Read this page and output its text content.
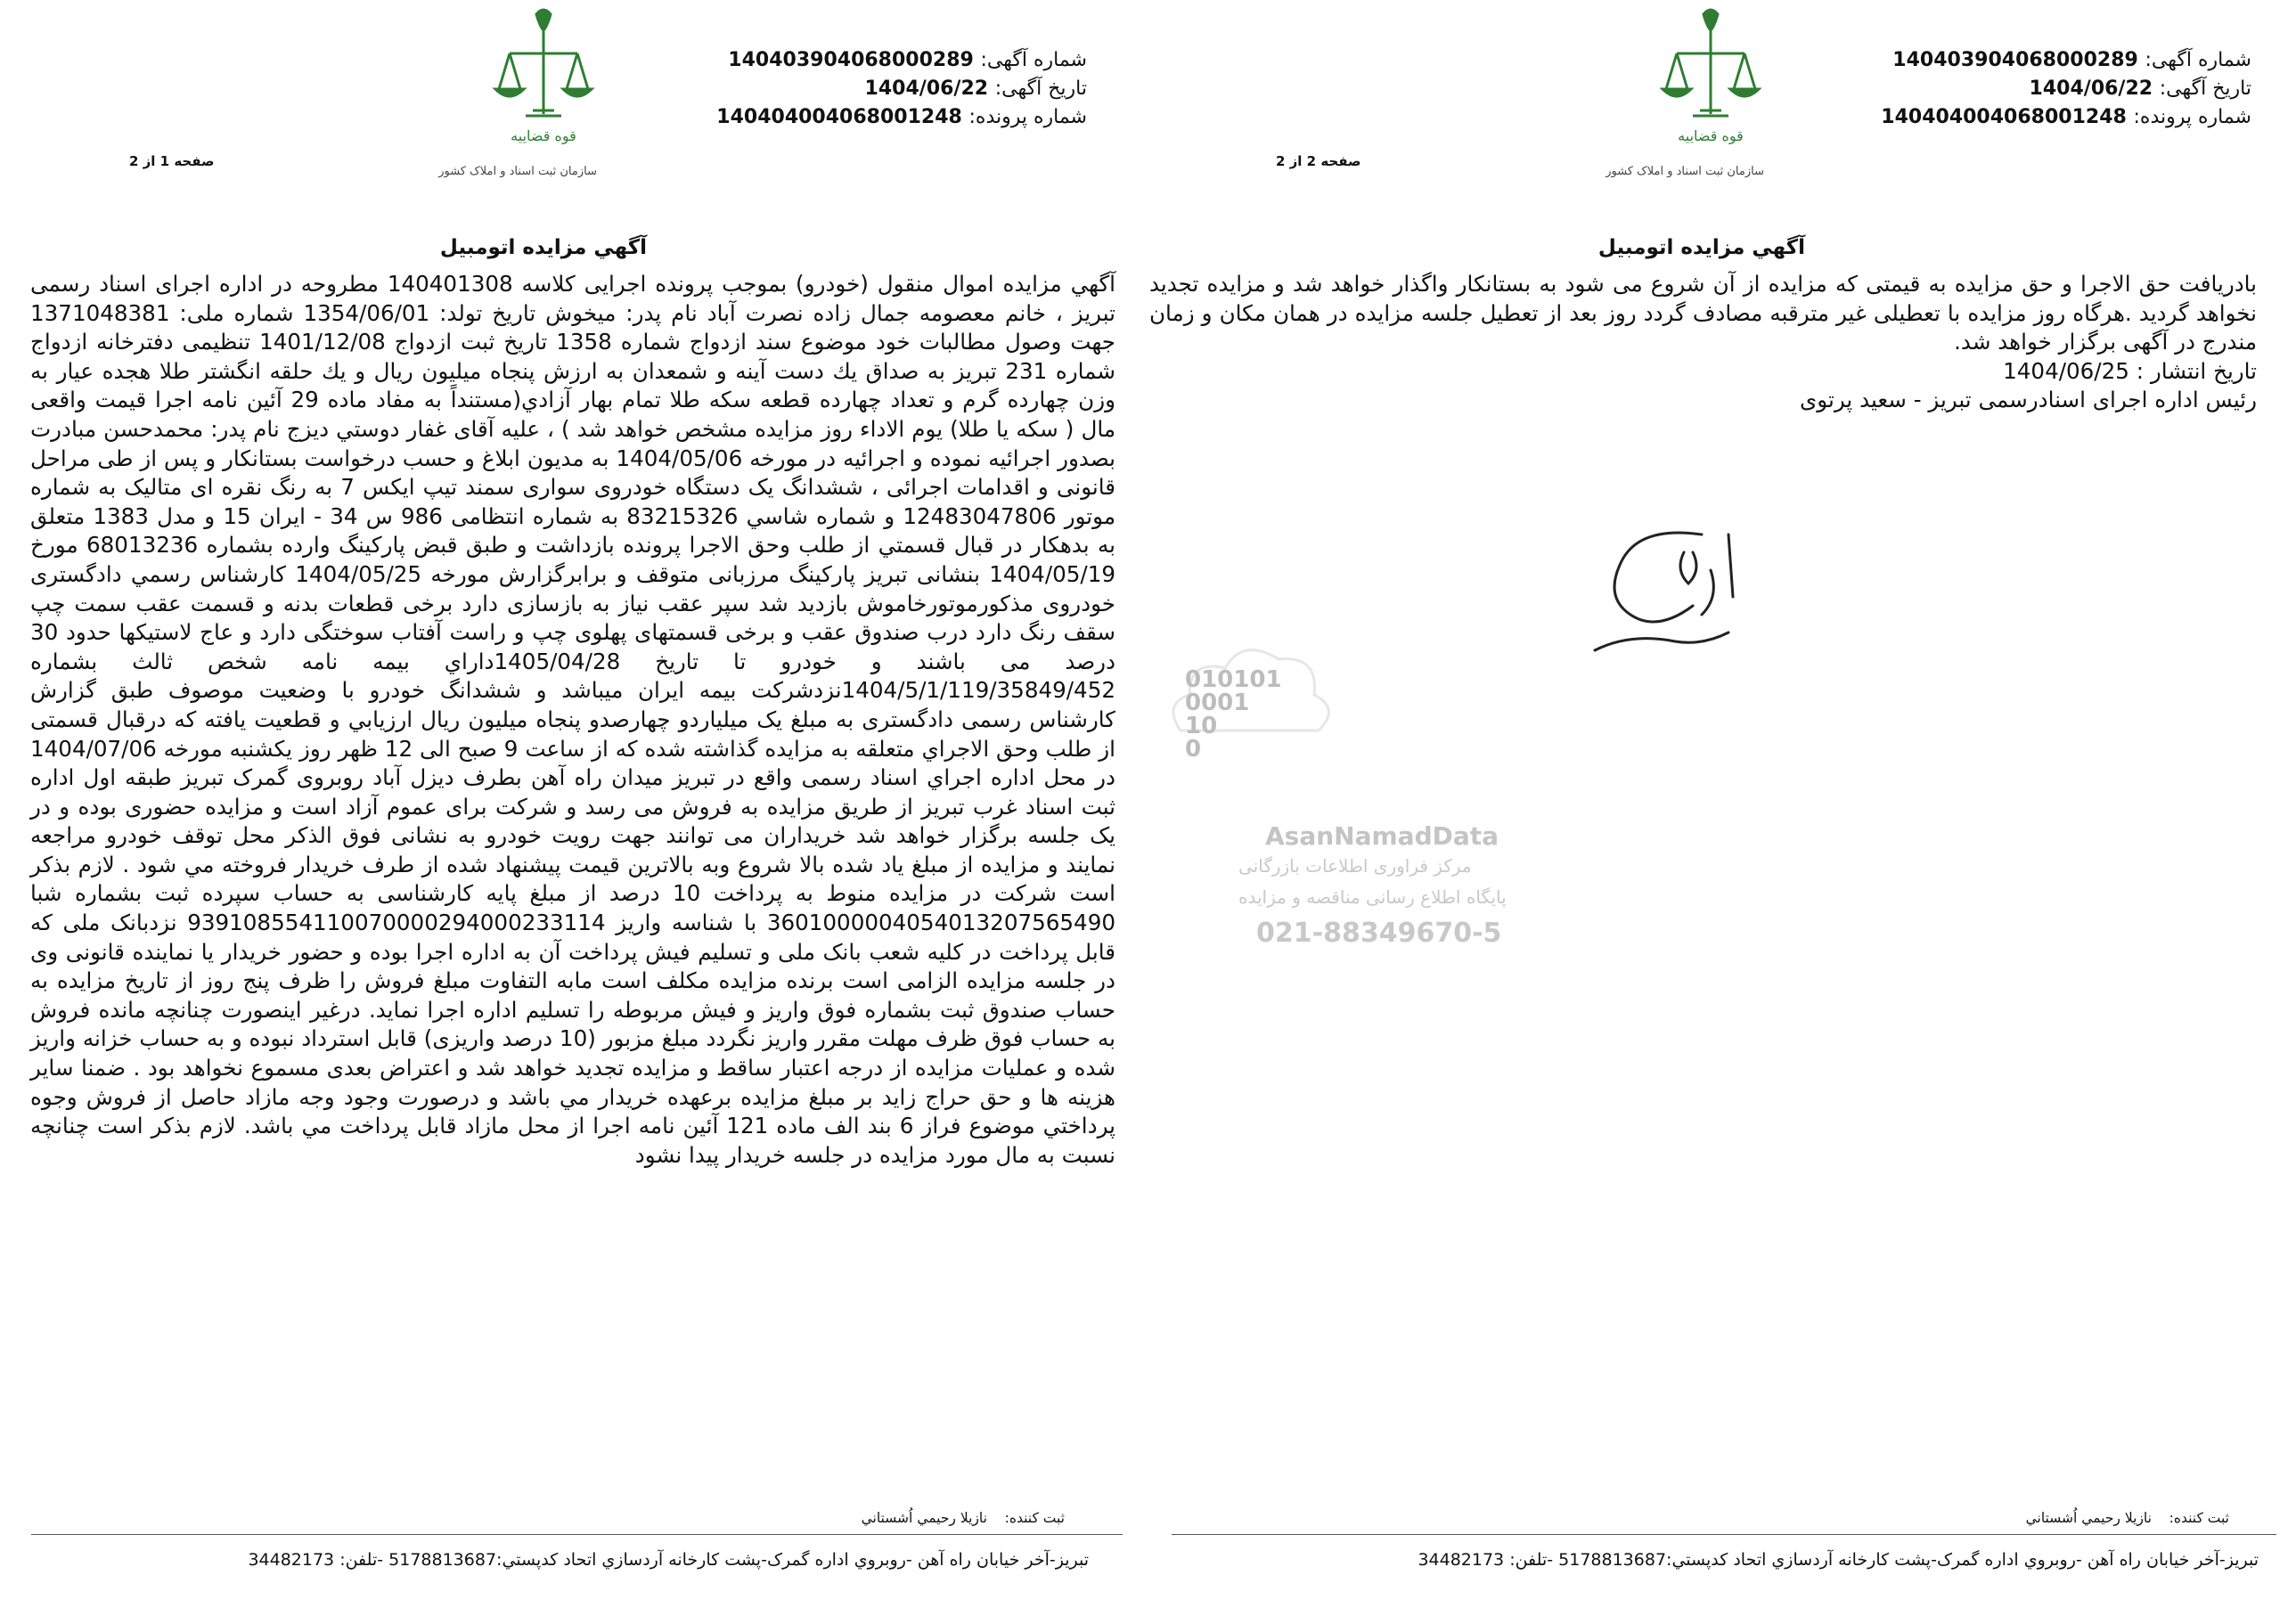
قوه قضاییه
سازمان ثبت اسناد و املاک کشور
شماره آگهی: 140403904068000289
تاریخ آگهی: 1404/06/22
شماره پرونده: 140404004068001248
صفحه 1 از 2
آگهي مزايده اتومبيل

آگهي مزايده اموال منقول (خودرو) بموجب پرونده اجرایی کلاسه 140401308 مطروحه در اداره اجرای اسناد رسمی تبریز ، خانم معصومه جمال زاده نصرت آباد نام پدر: میخوش تاریخ تولد: 1354/06/01 شماره ملی: 1371048381 جهت وصول مطالبات خود موضوع سند ازدواج شماره 1358 تاریخ ثبت ازدواج 1401/12/08 تنظیمی دفترخانه ازدواج شماره 231 تبریز به صداق یك دست آینه و شمعدان به ارزش پنجاه میلیون ریال و یك حلقه انگشتر طلا هجده عیار به وزن چهارده گرم و تعداد چهارده قطعه سکه طلا تمام بهار آزادي(مستنداً به مفاد ماده 29 آئین نامه اجرا قیمت واقعی مال ( سکه یا طلا) یوم الاداء روز مزایده مشخص خواهد شد ) ، علیه آقای غفار دوستي دیزج نام پدر: محمدحسن مبادرت بصدور اجرائیه نموده و اجرائیه در مورخه 1404/05/06 به مدیون ابلاغ و حسب درخواست بستانکار و پس از طی مراحل قانونی و اقدامات اجرائی ، ششدانگ یک دستگاه خودروی سواری سمند تیپ ایکس 7 به رنگ نقره ای متالیک به شماره موتور 12483047806 و شماره شاسي 83215326 به شماره انتظامی 986 س 34 - ایران 15 و مدل 1383 متعلق به بدهکار در قبال قسمتي از طلب وحق الاجرا پرونده بازداشت و طبق قبض پارکینگ وارده بشماره 68013236 مورخ 1404/05/19 بنشانی تبریز پارکینگ مرزبانی متوقف و برابرگزارش مورخه 1404/05/25 کارشناس رسمي دادگستری خودروی مذکورموتورخاموش بازدید شد سپر عقب نیاز به بازسازی دارد برخی قطعات بدنه و قسمت عقب سمت چپ سقف رنگ دارد درب صندوق عقب و برخی قسمتهای پهلوی چپ و راست آفتاب سوختگی دارد و عاج لاستیکها حدود 30 درصد می باشند و خودرو تا تاریخ 1405/04/28داراي بیمه نامه شخص ثالث بشماره 1404/5/1/119/35849/452نزدشرکت بیمه ایران میباشد و ششدانگ خودرو با وضعیت موصوف طبق گزارش کارشناس رسمی دادگستری به مبلغ یک میلیاردو چهارصدو پنجاه میلیون ریال ارزیابي و قطعیت یافته که درقبال قسمتی از طلب وحق الاجراي متعلقه به مزایده گذاشته شده که از ساعت 9 صبح الی 12 ظهر روز یکشنبه مورخه 1404/07/06 در محل اداره اجراي اسناد رسمی واقع در تبریز میدان راه آهن بطرف دیزل آباد روبروی گمرک تبریز طبقه اول اداره ثبت اسناد غرب تبریز از طریق مزایده به فروش می رسد و شرکت برای عموم آزاد است و مزایده حضوری بوده و در یک جلسه برگزار خواهد شد خریداران می توانند جهت رویت خودرو به نشانی فوق الذکر محل توقف خودرو مراجعه نمایند و مزایده از مبلغ یاد شده بالا شروع وبه بالاترین قیمت پیشنهاد شده از طرف خریدار فروخته مي شود . لازم بذکر است شرکت در مزایده منوط به پرداخت 10 درصد از مبلغ پایه کارشناسی به حساب سپرده ثبت بشماره شبا 360100000405401320756549‌0 با شناسه واریز 939108554110070000294000233114 نزدبانک ملی که قابل پرداخت در کلیه شعب بانک ملی و تسلیم فیش پرداخت آن به اداره اجرا بوده و حضور خریدار یا نماینده قانونی وی در جلسه مزایده الزامی است برنده مزایده مکلف است مابه التفاوت مبلغ فروش را ظرف پنج روز از تاریخ مزایده به حساب صندوق ثبت بشماره فوق واریز و فیش مربوطه را تسلیم اداره اجرا نماید. درغیر اینصورت چنانچه مانده فروش به حساب فوق ظرف مهلت مقرر واریز نگردد مبلغ مزبور (10 درصد واریزی) قابل استرداد نبوده و به حساب خزانه واریز شده و عملیات مزایده از درجه اعتبار ساقط و مزایده تجدید خواهد شد و اعتراض بعدی مسموع نخواهد بود . ضمنا سایر هزینه ها و حق حراج زاید بر مبلغ مزایده برعهده خریدار مي باشد و درصورت وجود وجه مازاد حاصل از فروش وجوه پرداختي موضوع فراز 6 بند الف ماده 121 آئین نامه اجرا از محل مازاد قابل پرداخت مي باشد. لازم بذکر است چنانچه نسبت به مال مورد مزایده در جلسه خریدار پیدا نشود

ثبت كننده:    نازیلا رحیمي اُشستاني
تبریز-آخر خیابان راه آهن -روبروي اداره گمرک-پشت كارخانه آردسازي اتحاد کدپستي:5178813687 -تلفن: 34482173
010101
0001
10
0
AsanNamadData
مرکز فراوری اطلاعات بازرگانی
پایگاه اطلاع رسانی مناقصه و مزایده
021-88349670-5
قوه قضاییه
سازمان ثبت اسناد و املاک کشور
شماره آگهی: 140403904068000289
تاریخ آگهی: 1404/06/22
شماره پرونده: 140404004068001248
صفحه 2 از 2
آگهي مزايده اتومبيل

بادریافت حق الاجرا و حق مزایده به قیمتی که مزایده از آن شروع می شود به بستانکار واگذار خواهد شد و مزایده تجدید نخواهد گردید .هرگاه روز مزایده با تعطیلی غیر مترقبه مصادف گردد روز بعد از تعطیل جلسه مزایده در همان مکان و زمان مندرج در آگهی برگزار خواهد شد.

تاریخ انتشار : 1404/06/25

رئیس اداره اجرای اسنادرسمی تبریز - سعید پرتوی

ثبت كننده:    نازیلا رحیمي اُشستاني
تبریز-آخر خیابان راه آهن -روبروي اداره گمرک-پشت كارخانه آردسازي اتحاد کدپستي:5178813687 -تلفن: 34482173
